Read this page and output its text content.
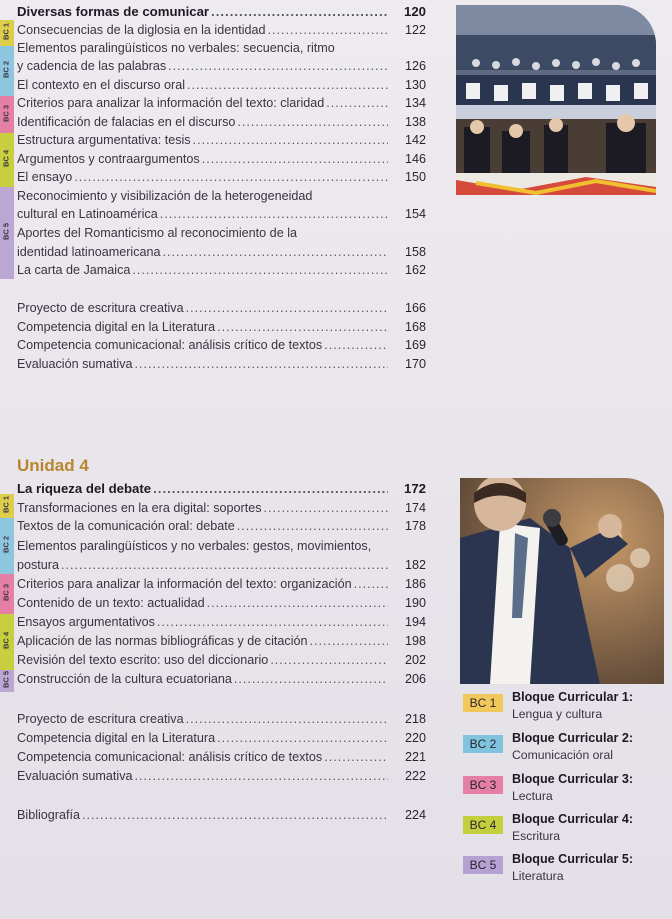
BC 1
BC 2
BC 3
BC 4
BC 5
Diversas formas de comunicar .....	120
Consecuencias de la diglosia en la identidad .....	122
Elementos paralingüísticos no verbales: secuencia, ritmo
y cadencia de las palabras .....	126
El contexto en el discurso oral .....	130
Criterios para analizar la información del texto: claridad .....	134
Identificación de falacias en el discurso .....	138
Estructura argumentativa: tesis .....	142
Argumentos y contraargumentos .....	146
El ensayo .....	150
Reconocimiento y visibilización de la heterogeneidad
cultural en Latinoamérica .....	154
Aportes del Romanticismo al reconocimiento de la
identidad latinoamericana .....	158
La carta de Jamaica .....	162
Proyecto de escritura creativa .....	166
Competencia digital en la Literatura .....	168
Competencia comunicacional: análisis crítico de textos .....	169
Evaluación sumativa .....	170
Unidad 4
BC 1
BC 2
BC 3
BC 4
BC 5
La riqueza del debate .....	172
Transformaciones en la era digital: soportes .....	174
Textos de la comunicación oral: debate .....	178
Elementos paralingüísticos y no verbales: gestos, movimientos,
postura .....	182
Criterios para analizar la información del texto: organización .....	186
Contenido de un texto: actualidad .....	190
Ensayos argumentativos .....	194
Aplicación de las normas bibliográficas y de citación .....	198
Revisión del texto escrito: uso del diccionario .....	202
Construcción de la cultura ecuatoriana .....	206
Proyecto de escritura creativa .....	218
Competencia digital en la Literatura .....	220
Competencia comunicacional: análisis crítico de textos .....	221
Evaluación sumativa .....	222
Bibliografía .....	224
BC 1	Bloque Curricular 1:
Lengua y cultura
BC 2	Bloque Curricular 2:
Comunicación oral
BC 3	Bloque Curricular 3:
Lectura
BC 4	Bloque Curricular 4:
Escritura
BC 5	Bloque Curricular 5:
Literatura
